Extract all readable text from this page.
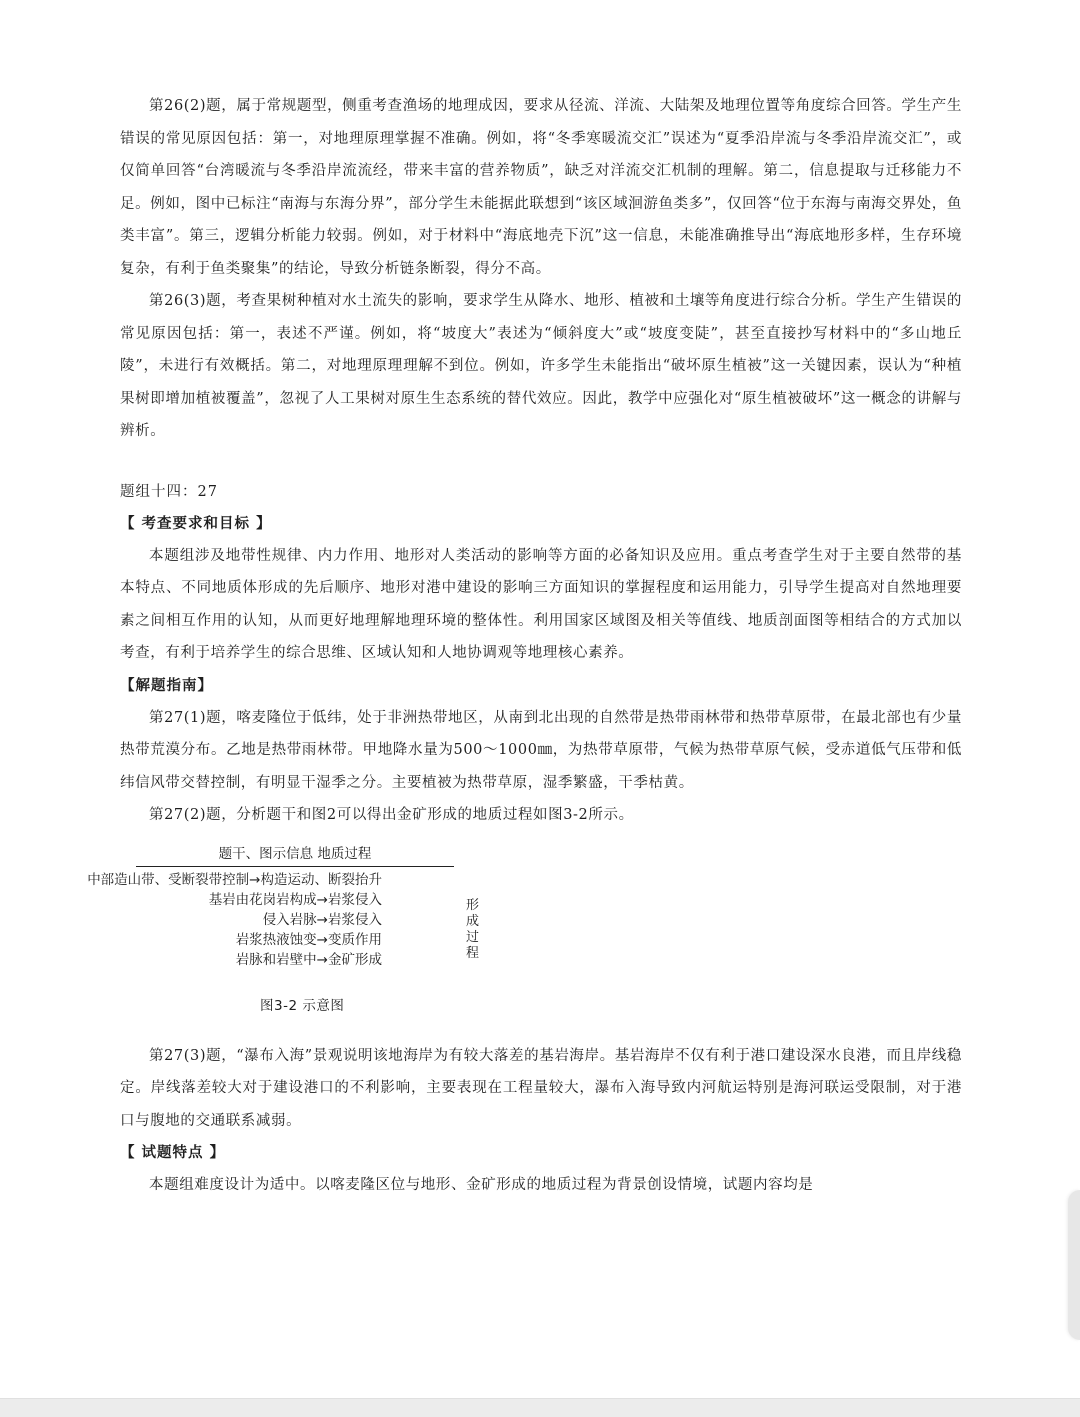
第26(2)题，属于常规题型，侧重考查渔场的地理成因，要求从径流、洋流、大陆架及地理位置等角度综合回答。学生产生错误的常见原因包括：第一，对地理原理掌握不准确。例如，将“冬季寒暖流交汇”误述为“夏季沿岸流与冬季沿岸流交汇”，或仅简单回答“台湾暖流与冬季沿岸流流经，带来丰富的营养物质”，缺乏对洋流交汇机制的理解。第二，信息提取与迁移能力不足。例如，图中已标注“南海与东海分界”，部分学生未能据此联想到“该区域洄游鱼类多”，仅回答“位于东海与南海交界处，鱼类丰富”。第三，逻辑分析能力较弱。例如，对于材料中“海底地壳下沉”这一信息，未能准确推导出“海底地形多样，生存环境复杂，有利于鱼类聚集”的结论，导致分析链条断裂，得分不高。

第26(3)题，考查果树种植对水土流失的影响，要求学生从降水、地形、植被和土壤等角度进行综合分析。学生产生错误的常见原因包括：第一，表述不严谨。例如，将“坡度大”表述为“倾斜度大”或“坡度变陡”，甚至直接抄写材料中的“多山地丘陵”，未进行有效概括。第二，对地理原理理解不到位。例如，许多学生未能指出“破坏原生植被”这一关键因素，误认为“种植果树即增加植被覆盖”，忽视了人工果树对原生生态系统的替代效应。因此，教学中应强化对“原生植被破坏”这一概念的讲解与辨析。

题组十四：27
【 考查要求和目标 】

本题组涉及地带性规律、内力作用、地形对人类活动的影响等方面的必备知识及应用。重点考查学生对于主要自然带的基本特点、不同地质体形成的先后顺序、地形对港中建设的影响三方面知识的掌握程度和运用能力，引导学生提高对自然地理要素之间相互作用的认知，从而更好地理解地理环境的整体性。利用国家区域图及相关等值线、地质剖面图等相结合的方式加以考查，有利于培养学生的综合思维、区域认知和人地协调观等地理核心素养。

【解题指南】

第27(1)题，喀麦隆位于低纬，处于非洲热带地区，从南到北出现的自然带是热带雨林带和热带草原带，在最北部也有少量热带荒漠分布。乙地是热带雨林带。甲地降水量为500～1000㎜，为热带草原带，气候为热带草原气候，受赤道低气压带和低纬信风带交替控制，有明显干湿季之分。主要植被为热带草原，湿季繁盛，干季枯黄。

第27(2)题，分析题干和图2可以得出金矿形成的地质过程如图3-2所示。

题干、图示信息 地质过程
中部造山带、受断裂带控制→构造运动、断裂抬升
基岩由花岗岩构成→岩浆侵入
侵入岩脉→岩浆侵入
岩浆热液蚀变→变质作用
岩脉和岩壁中→金矿形成
形成过程
图3-2 示意图

第27(3)题，“瀑布入海”景观说明该地海岸为有较大落差的基岩海岸。基岩海岸不仅有利于港口建设深水良港，而且岸线稳定。岸线落差较大对于建设港口的不利影响，主要表现在工程量较大，瀑布入海导致内河航运特别是海河联运受限制，对于港口与腹地的交通联系减弱。

【 试题特点 】

本题组难度设计为适中。以喀麦隆区位与地形、金矿形成的地质过程为背景创设情境，试题内容均是
